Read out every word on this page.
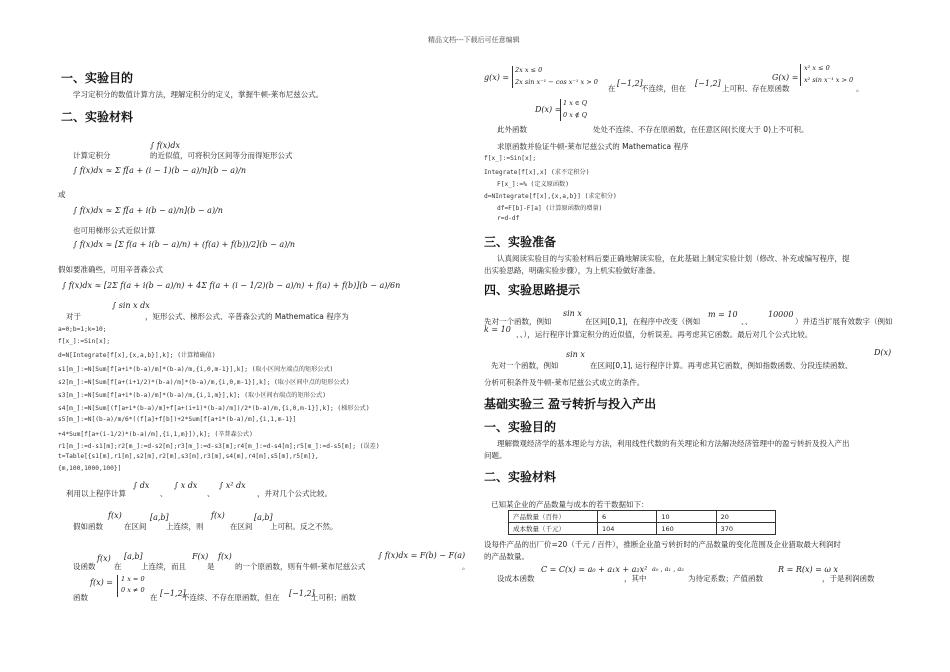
精品文档---下载后可任意编辑
一、实验目的
学习定积分的数值计算方法，理解定积分的定义，掌握牛顿-莱布尼兹公式。
二、实验材料
∫ f(x)dx
计算定积分	的近似值，可将积分区间等分而得矩形公式
∫ f(x)dx ≈ Σ f[a + (i − 1)(b − a)/n](b − a)/n
或
∫ f(x)dx ≈ Σ f[a + i(b − a)/n](b − a)/n
也可用梯形公式近似计算
∫ f(x)dx ≈ [Σ f(a + i(b − a)/n) + (f(a) + f(b))/2](b − a)/n
假如要准确些，可用辛普森公式
∫ f(x)dx ≈ [2Σ f(a + i(b − a)/n) + 4Σ f(a + (i − 1/2)(b − a)/n) + f(a) + f(b)](b − a)/6n
∫ sin x dx
对于	，矩形公式、梯形公式、辛普森公式的 Mathematica 程序为
a=0;b=1;k=10;
f[x_]:=Sin[x];
d=N[Integrate[f[x],{x,a,b}],k]; (计算精确值)
s1[m_]:=N[Sum[f[a+i*(b-a)/m]*(b-a)/m,{i,0,m-1}],k]; (取小区间左端点的矩形公式)
s2[m_]:=N[Sum[f[a+(i+1/2)*(b-a)/m]*(b-a)/m,{i,0,m-1}],k]; (取小区间中点的矩形公式)
s3[m_]:=N[Sum[f[a+i*(b-a)/m]*(b-a)/m,{i,1,m}],k]; (取小区间右端点的矩形公式)
s4[m_]:=N[Sum[(f[a+i*(b-a)/m]+f[a+(i+1)*(b-a)/m])/2*(b-a)/m,{i,0,m-1}],k]; (梯形公式)
s5[m_]:=N[(b-a)/m/6*((f[a]+f[b])+2*Sum[f[a+i*(b-a)/m],{i,1,m-1}]
+4*Sum[f[a+(i-1/2)*(b-a)/m],{i,1,m}]),k]; (辛普森公式)
r1[m_]:=d-s1[m];r2[m_]:=d-s2[m];r3[m_]:=d-s3[m];r4[m_]:=d-s4[m];r5[m_]:=d-s5[m]; (误差)
t=Table[{s1[m],r1[m],s2[m],r2[m],s3[m],r3[m],s4[m],r4[m],s5[m],r5[m]},
{m,100,1000,100}]
利用以上程序计算
∫ dx
、
∫ x dx
、
∫ x² dx
，并对几个公式比较。
假如函数
f(x)
在区间
[a,b]
上连续，则
f(x)
在区间
[a,b]
上可积。反之不然。
设函数
f(x)
在
[a,b]
上连续，而且
F(x)
是
f(x)
的一个原函数，则有牛顿-莱布尼兹公式
∫ f(x)dx = F(b) − F(a)
。
f(x) = 1 x = 0
0 x ≠ 0
函数	在 [−1,2]
不连续、不存在原函数，但在 [−1,2]
上可积；函数
g(x) =
2x x ≤ 0
2x sin x⁻¹ − cos x⁻¹ x > 0
在
[−1,2]
不连续，但在
[−1,2]
上可积、存在原函数
G(x) =
x² x ≤ 0
x² sin x⁻¹ x > 0
。
D(x) =
1 x ∈ Q
0 x ∉ Q
此外函数	处处不连续、不存在原函数，在任意区间(长度大于 0)上不可积。
求原函数并验证牛顿-莱布尼兹公式的 Mathematica 程序
f[x_]:=Sin[x];
Integrate[f[x],x] (求不定积分)
F[x_]:=% (定义原函数)
d=NIntegrate[f[x],{x,a,b}] (求定积分)
df=F[b]-F[a] (计算原函数的增量)
r=d-df
三、实验准备
认真阅读实验目的与实验材料后要正确地解读实验，在此基础上制定实验计划（修改、补充或编写程序，提
出实验思路，明确实验步骤），为上机实验做好准备。
四、实验思路提示
先对一个函数，例如
sin x
在区间[0,1]，在程序中改变（例如
m = 10
、、
10000
）并适当扩展有效数字（例如
k = 10
、、），运行程序计算定积分的近似值，分析误差。再考虑其它函数。最后对几个公式比较。
先对一个函数，例如
sin x
在区间[0,1], 运行程序计算。再考虑其它函数，例如指数函数、分段连续函数、
D(x)
分析可积条件及牛顿-莱布尼兹公式成立的条件。
基础实验三 盈亏转折与投入产出
一、实验目的
理解微观经济学的基本理论与方法，利用线性代数的有关理论和方法解决经济管理中的盈亏转折及投入产出
问题。
二、实验材料
已知某企业的产品数量与成本的若干数据如下：
产品数量（百件）	6	10	20
成本数量（千元）	104	160	370
设每件产品的出厂价=20（千元 / 百件），推断企业盈亏转折时的产品数量的变化范围及企业猎取最大利润时
的产品数量。
设成本函数
C = C(x) = a₀ + a₁x + a₂x²
，其中
a₀ , a₁ , a₂
为待定系数；产值函数
R = R(x) = ω x
，于是利润函数
